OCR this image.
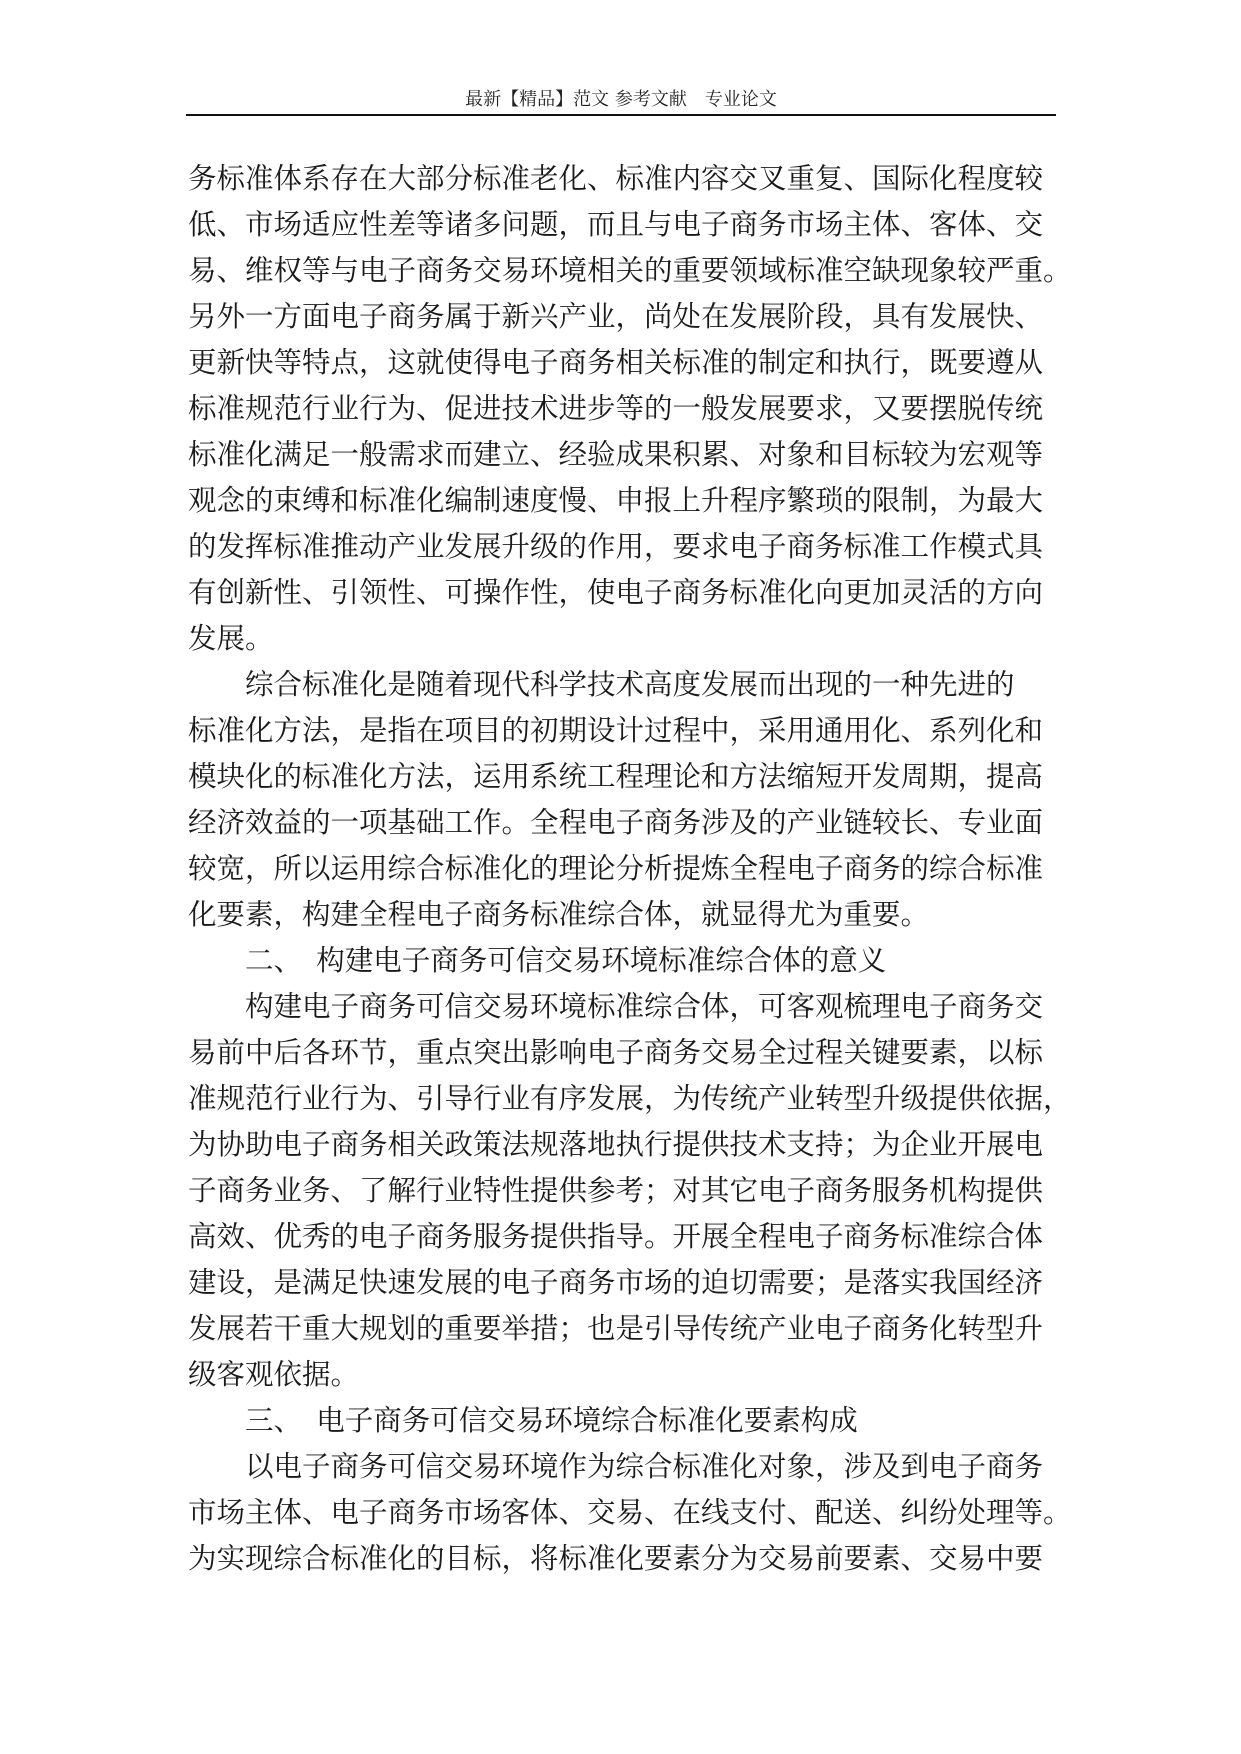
最新【精品】范文 参考文献　专业论文
务标准体系存在大部分标准老化、标准内容交叉重复、国际化程度较
低、市场适应性差等诸多问题，而且与电子商务市场主体、客体、交
易、维权等与电子商务交易环境相关的重要领域标准空缺现象较严重。
另外一方面电子商务属于新兴产业，尚处在发展阶段，具有发展快、
更新快等特点，这就使得电子商务相关标准的制定和执行，既要遵从
标准规范行业行为、促进技术进步等的一般发展要求，又要摆脱传统
标准化满足一般需求而建立、经验成果积累、对象和目标较为宏观等
观念的束缚和标准化编制速度慢、申报上升程序繁琐的限制，为最大
的发挥标准推动产业发展升级的作用，要求电子商务标准工作模式具
有创新性、引领性、可操作性，使电子商务标准化向更加灵活的方向
发展。
综合标准化是随着现代科学技术高度发展而出现的一种先进的
标准化方法，是指在项目的初期设计过程中，采用通用化、系列化和
模块化的标准化方法，运用系统工程理论和方法缩短开发周期，提高
经济效益的一项基础工作。全程电子商务涉及的产业链较长、专业面
较宽，所以运用综合标准化的理论分析提炼全程电子商务的综合标准
化要素，构建全程电子商务标准综合体，就显得尤为重要。
二、　构建电子商务可信交易环境标准综合体的意义
构建电子商务可信交易环境标准综合体，可客观梳理电子商务交
易前中后各环节，重点突出影响电子商务交易全过程关键要素，以标
准规范行业行为、引导行业有序发展，为传统产业转型升级提供依据，
为协助电子商务相关政策法规落地执行提供技术支持；为企业开展电
子商务业务、了解行业特性提供参考；对其它电子商务服务机构提供
高效、优秀的电子商务服务提供指导。开展全程电子商务标准综合体
建设，是满足快速发展的电子商务市场的迫切需要；是落实我国经济
发展若干重大规划的重要举措；也是引导传统产业电子商务化转型升
级客观依据。
三、　电子商务可信交易环境综合标准化要素构成
以电子商务可信交易环境作为综合标准化对象，涉及到电子商务
市场主体、电子商务市场客体、交易、在线支付、配送、纠纷处理等。
为实现综合标准化的目标，将标准化要素分为交易前要素、交易中要
